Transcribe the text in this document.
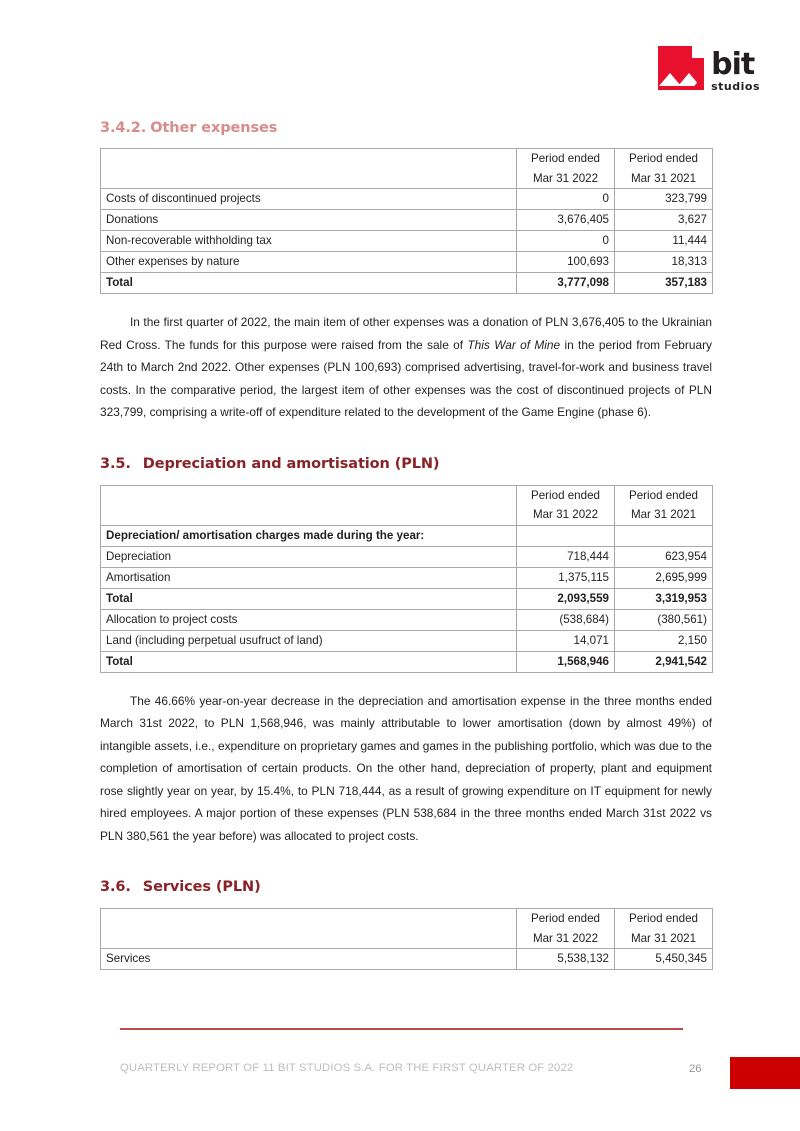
bit
studios
3.4.2. Other expenses
	Period ended	Period ended
	Mar 31 2022	Mar 31 2021
Costs of discontinued projects	0	323,799
Donations	3,676,405	3,627
Non-recoverable withholding tax	0	11,444
Other expenses by nature	100,693	18,313
Total	3,777,098	357,183

In the first quarter of 2022, the main item of other expenses was a donation of PLN 3,676,405 to the Ukrainian Red Cross. The funds for this purpose were raised from the sale of This War of Mine in the period from February 24th to March 2nd 2022. Other expenses (PLN 100,693) comprised advertising, travel-for-work and business travel costs. In the comparative period, the largest item of other expenses was the cost of discontinued projects of PLN 323,799, comprising a write-off of expenditure related to the development of the Game Engine (phase 6).

3.5. Depreciation and amortisation (PLN)
	Period ended	Period ended
	Mar 31 2022	Mar 31 2021
Depreciation/ amortisation charges made during the year:		
Depreciation	718,444	623,954
Amortisation	1,375,115	2,695,999
Total	2,093,559	3,319,953
Allocation to project costs	(538,684)	(380,561)
Land (including perpetual usufruct of land)	14,071	2,150
Total	1,568,946	2,941,542

The 46.66% year-on-year decrease in the depreciation and amortisation expense in the three months ended March 31st 2022, to PLN 1,568,946, was mainly attributable to lower amortisation (down by almost 49%) of intangible assets, i.e., expenditure on proprietary games and games in the publishing portfolio, which was due to the completion of amortisation of certain products. On the other hand, depreciation of property, plant and equipment rose slightly year on year, by 15.4%, to PLN 718,444, as a result of growing expenditure on IT equipment for newly hired employees. A major portion of these expenses (PLN 538,684 in the three months ended March 31st 2022 vs PLN 380,561 the year before) was allocated to project costs.

3.6. Services (PLN)
	Period ended	Period ended
	Mar 31 2022	Mar 31 2021
Services	5,538,132	5,450,345
QUARTERLY REPORT OF 11 BIT STUDIOS S.A. FOR THE FIRST QUARTER OF 2022	26
